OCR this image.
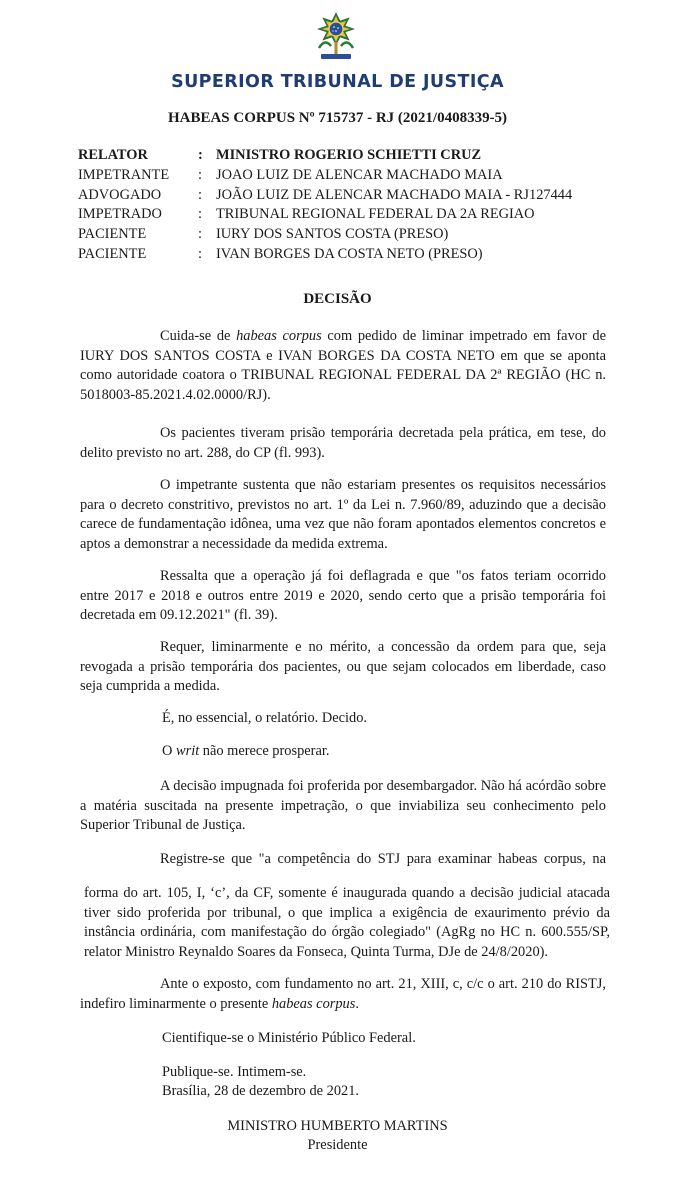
SUPERIOR TRIBUNAL DE JUSTIÇA
HABEAS CORPUS Nº 715737 - RJ (2021/0408339-5)
RELATOR	: MINISTRO ROGERIO SCHIETTI CRUZ
IMPETRANTE	: JOAO LUIZ DE ALENCAR MACHADO MAIA
ADVOGADO	: JOÃO LUIZ DE ALENCAR MACHADO MAIA - RJ127444
IMPETRADO	: TRIBUNAL REGIONAL FEDERAL DA 2A REGIAO
PACIENTE	: IURY DOS SANTOS COSTA (PRESO)
PACIENTE	: IVAN BORGES DA COSTA NETO (PRESO)
DECISÃO

Cuida-se de habeas corpus com pedido de liminar impetrado em favor de IURY DOS SANTOS COSTA e IVAN BORGES DA COSTA NETO em que se aponta como autoridade coatora o TRIBUNAL REGIONAL FEDERAL DA 2ª REGIÃO (HC n. 5018003-85.2021.4.02.0000/RJ).

Os pacientes tiveram prisão temporária decretada pela prática, em tese, do delito previsto no art. 288, do CP (fl. 993).

O impetrante sustenta que não estariam presentes os requisitos necessários para o decreto constritivo, previstos no art. 1º da Lei n. 7.960/89, aduzindo que a decisão carece de fundamentação idônea, uma vez que não foram apontados elementos concretos e aptos a demonstrar a necessidade da medida extrema.

Ressalta que a operação já foi deflagrada e que "os fatos teriam ocorrido entre 2017 e 2018 e outros entre 2019 e 2020, sendo certo que a prisão temporária foi decretada em 09.12.2021" (fl. 39).

Requer, liminarmente e no mérito, a concessão da ordem para que, seja revogada a prisão temporária dos pacientes, ou que sejam colocados em liberdade, caso seja cumprida a medida.

É, no essencial, o relatório. Decido.

O writ não merece prosperar.

A decisão impugnada foi proferida por desembargador. Não há acórdão sobre a matéria suscitada na presente impetração, o que inviabiliza seu conhecimento pelo Superior Tribunal de Justiça.

Registre-se que "a competência do STJ para examinar habeas corpus, na

forma do art. 105, I, ‘c’, da CF, somente é inaugurada quando a decisão judicial atacada tiver sido proferida por tribunal, o que implica a exigência de exaurimento prévio da instância ordinária, com manifestação do órgão colegiado" (AgRg no HC n. 600.555/SP, relator Ministro Reynaldo Soares da Fonseca, Quinta Turma, DJe de 24/8/2020).

Ante o exposto, com fundamento no art. 21, XIII, c, c/c o art. 210 do RISTJ, indefiro liminarmente o presente habeas corpus.

Cientifique-se o Ministério Público Federal.

Publique-se. Intimem-se.

Brasília, 28 de dezembro de 2021.

MINISTRO HUMBERTO MARTINS
Presidente
